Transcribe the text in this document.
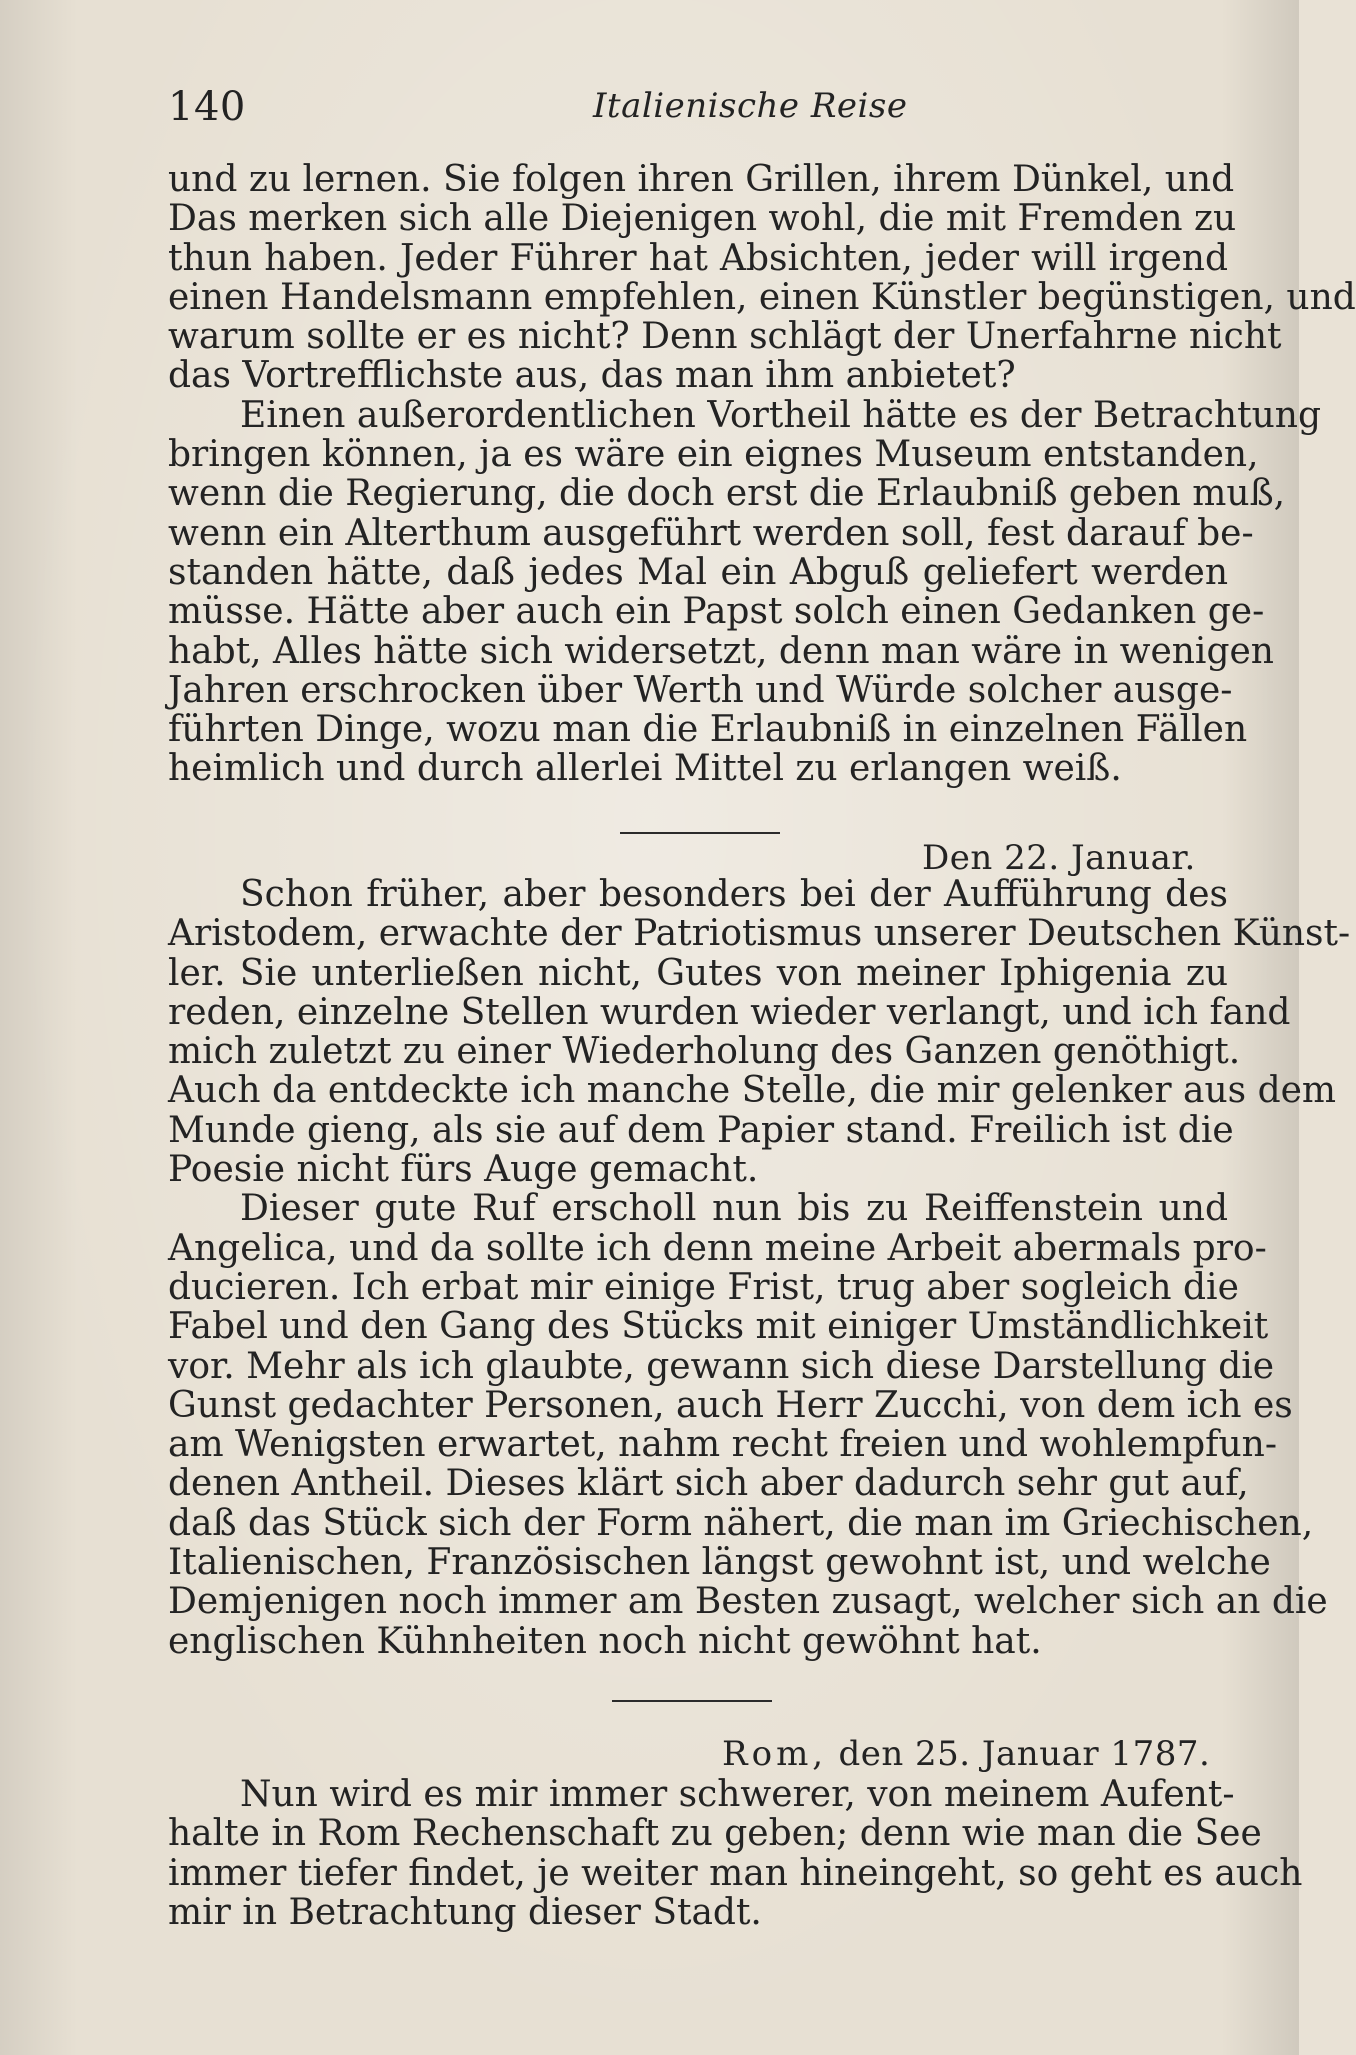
140	Italienische Reise
und zu lernen. Sie folgen ihren Grillen, ihrem Dünkel, und
Das merken sich alle Diejenigen wohl, die mit Fremden zu
thun haben. Jeder Führer hat Absichten, jeder will irgend
einen Handelsmann empfehlen, einen Künstler begünstigen, und
warum sollte er es nicht? Denn schlägt der Unerfahrne nicht
das Vortrefflichste aus, das man ihm anbietet?
Einen außerordentlichen Vortheil hätte es der Betrachtung
bringen können, ja es wäre ein eignes Museum entstanden,
wenn die Regierung, die doch erst die Erlaubniß geben muß,
wenn ein Alterthum ausgeführt werden soll, fest darauf be-
standen hätte, daß jedes Mal ein Abguß geliefert werden
müsse. Hätte aber auch ein Papst solch einen Gedanken ge-
habt, Alles hätte sich widersetzt, denn man wäre in wenigen
Jahren erschrocken über Werth und Würde solcher ausge-
führten Dinge, wozu man die Erlaubniß in einzelnen Fällen
heimlich und durch allerlei Mittel zu erlangen weiß.
Den 22. Januar.
Schon früher, aber besonders bei der Aufführung des
Aristodem, erwachte der Patriotismus unserer Deutschen Künst-
ler. Sie unterließen nicht, Gutes von meiner Iphigenia zu
reden, einzelne Stellen wurden wieder verlangt, und ich fand
mich zuletzt zu einer Wiederholung des Ganzen genöthigt.
Auch da entdeckte ich manche Stelle, die mir gelenker aus dem
Munde gieng, als sie auf dem Papier stand. Freilich ist die
Poesie nicht fürs Auge gemacht.
Dieser gute Ruf erscholl nun bis zu Reiffenstein und
Angelica, und da sollte ich denn meine Arbeit abermals pro-
ducieren. Ich erbat mir einige Frist, trug aber sogleich die
Fabel und den Gang des Stücks mit einiger Umständlichkeit
vor. Mehr als ich glaubte, gewann sich diese Darstellung die
Gunst gedachter Personen, auch Herr Zucchi, von dem ich es
am Wenigsten erwartet, nahm recht freien und wohlempfun-
denen Antheil. Dieses klärt sich aber dadurch sehr gut auf,
daß das Stück sich der Form nähert, die man im Griechischen,
Italienischen, Französischen längst gewohnt ist, und welche
Demjenigen noch immer am Besten zusagt, welcher sich an die
englischen Kühnheiten noch nicht gewöhnt hat.
Rom, den 25. Januar 1787.
Nun wird es mir immer schwerer, von meinem Aufent-
halte in Rom Rechenschaft zu geben; denn wie man die See
immer tiefer findet, je weiter man hineingeht, so geht es auch
mir in Betrachtung dieser Stadt.
